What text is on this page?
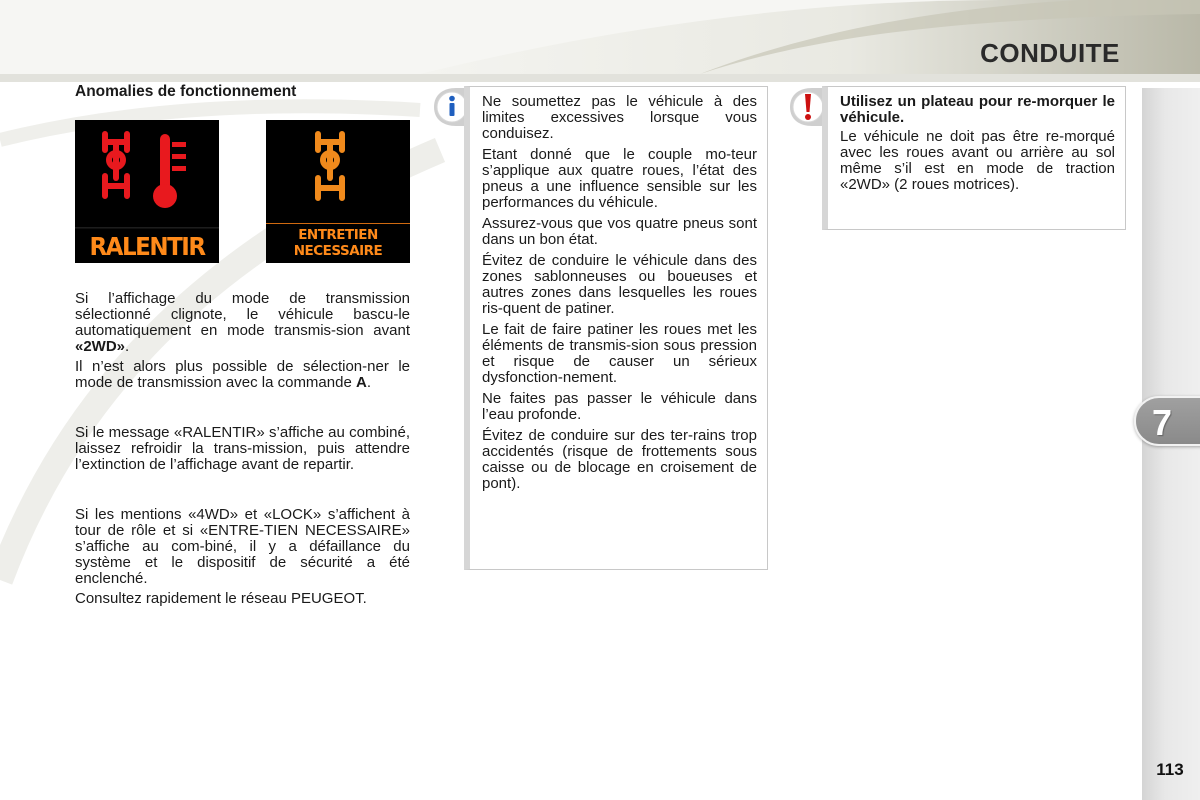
CONDUITE
7
113
Anomalies de fonctionnement
RALENTIR	ENTRETIEN
NECESSAIRE

Si l’affichage du mode de transmission sélectionné clignote, le véhicule bascu-le automatiquement en mode transmis-sion avant «2WD».

Il n’est alors plus possible de sélection-ner le mode de transmission avec la commande A.

Si le message «RALENTIR» s’affiche au combiné, laissez refroidir la trans-mission, puis attendre l’extinction de l’affichage avant de repartir.

Si les mentions «4WD» et «LOCK» s’affichent à tour de rôle et si «ENTRE-TIEN NECESSAIRE» s’affiche au com-biné, il y a défaillance du système et le dispositif de sécurité a été enclenché.

Consultez rapidement le réseau PEUGEOT.

Ne soumettez pas le véhicule à des limites excessives lorsque vous conduisez.

Etant donné que le couple mo-teur s’applique aux quatre roues, l’état des pneus a une influence sensible sur les performances du véhicule.

Assurez-vous que vos quatre pneus sont dans un bon état.

Évitez de conduire le véhicule dans des zones sablonneuses ou boueuses et autres zones dans lesquelles les roues ris-quent de patiner.

Le fait de faire patiner les roues met les éléments de transmis-sion sous pression et risque de causer un sérieux dysfonction-nement.

Ne faites pas passer le véhicule dans l’eau profonde.

Évitez de conduire sur des ter-rains trop accidentés (risque de frottements sous caisse ou de blocage en croisement de pont).

Utilisez un plateau pour re-morquer le véhicule.

Le véhicule ne doit pas être re-morqué avec les roues avant ou arrière au sol même s’il est en mode de traction «2WD» (2 roues motrices).
